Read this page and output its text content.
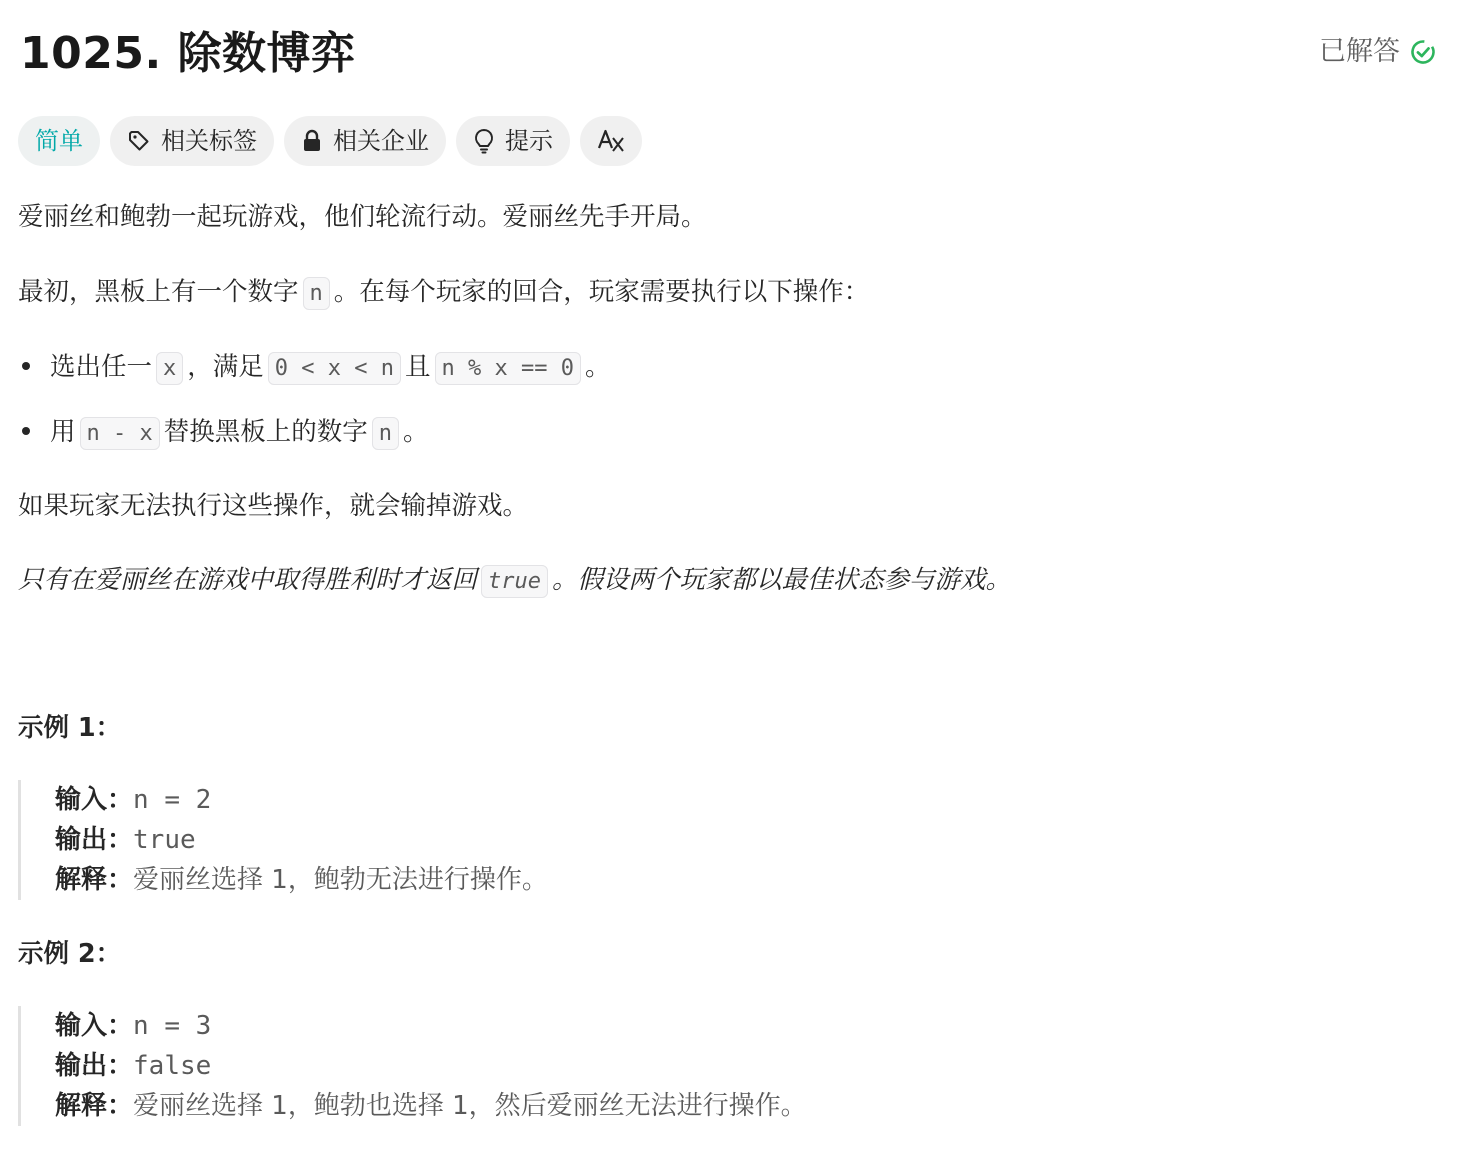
1025. 除数博弈	已解答
简单	相关标签	相关企业	提示
爱丽丝和鲍勃一起玩游戏，他们轮流行动。爱丽丝先手开局。
最初，黑板上有一个数字 n 。在每个玩家的回合，玩家需要执行以下操作：
选出任一 x ，满足 0 < x < n 且 n % x == 0 。
用 n - x 替换黑板上的数字 n 。
如果玩家无法执行这些操作，就会输掉游戏。
只有在爱丽丝在游戏中取得胜利时才返回 true 。假设两个玩家都以最佳状态参与游戏。
示例 1：
输入：n = 2
输出：true
解释：爱丽丝选择 1，鲍勃无法进行操作。
示例 2：
输入：n = 3
输出：false
解释：爱丽丝选择 1，鲍勃也选择 1，然后爱丽丝无法进行操作。
